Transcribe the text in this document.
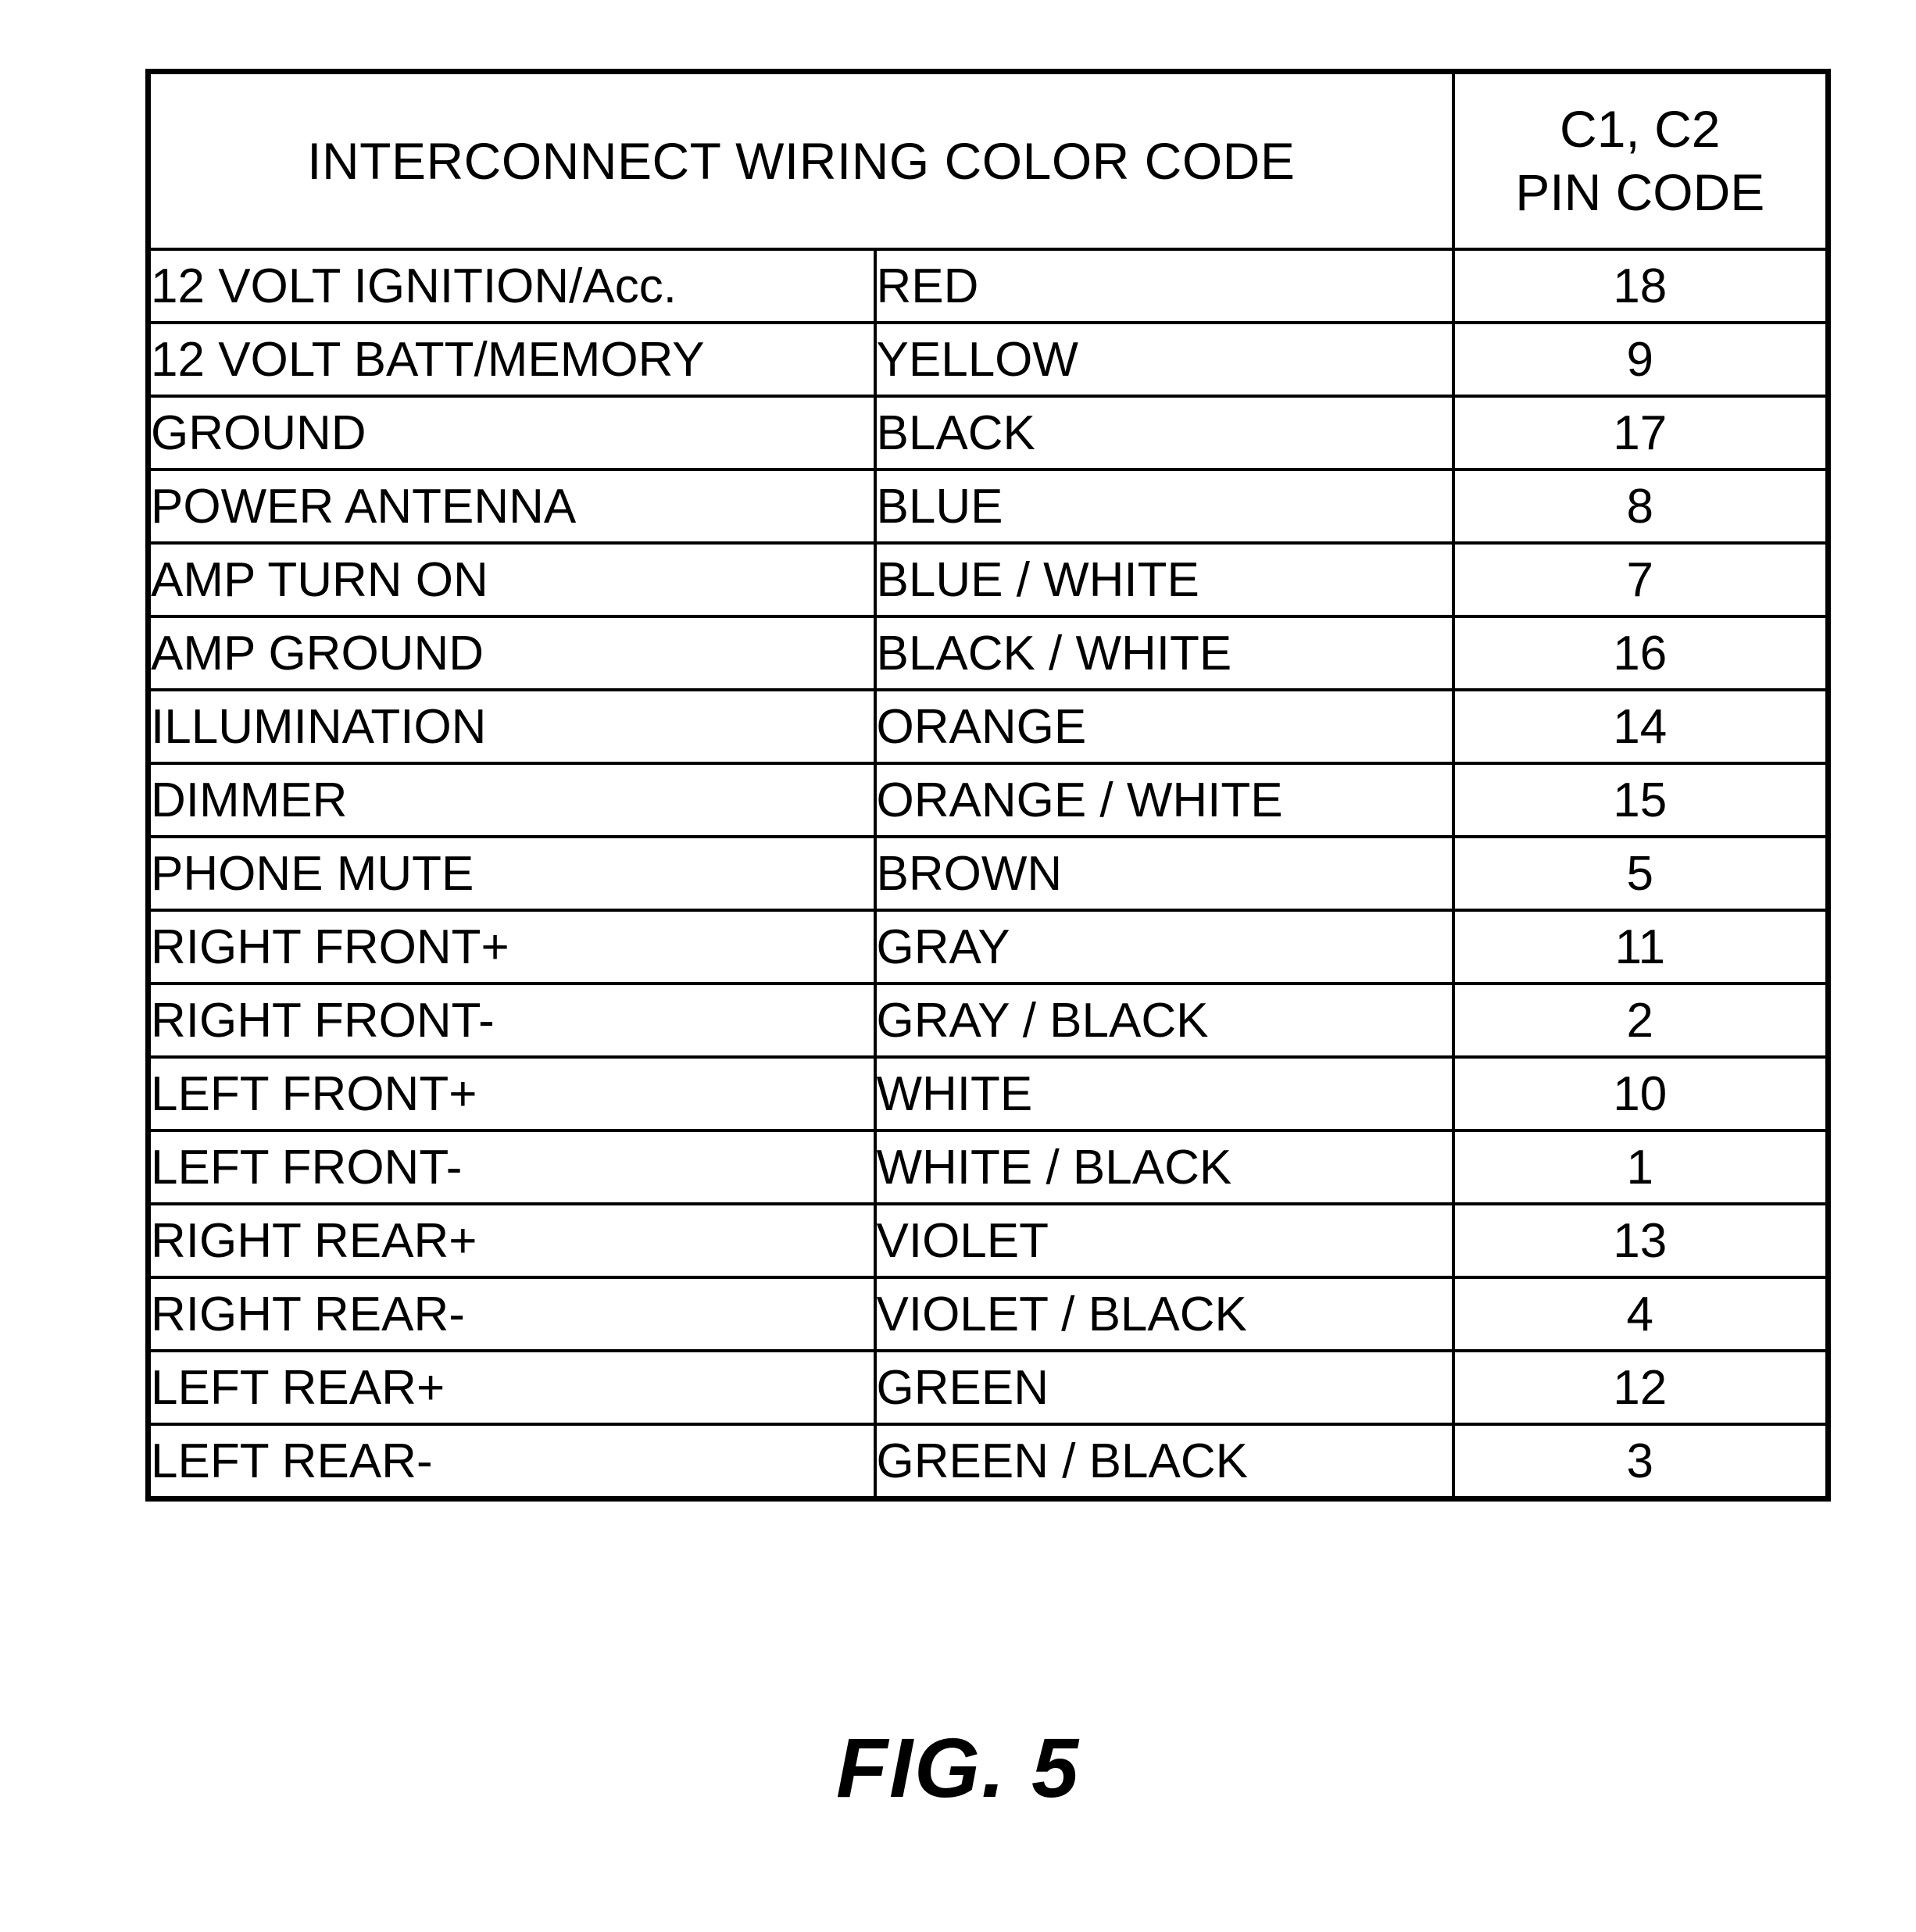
INTERCONNECT WIRING COLOR CODE		C1, C2
PIN CODE

12 VOLT IGNITION/Acc.	RED	18
12 VOLT BATT/MEMORY	YELLOW	9
GROUND	BLACK	17
POWER ANTENNA	BLUE	8
AMP TURN ON	BLUE / WHITE	7
AMP GROUND	BLACK / WHITE	16
ILLUMINATION	ORANGE	14
DIMMER	ORANGE / WHITE	15
PHONE MUTE	BROWN	5
RIGHT FRONT+	GRAY	11
RIGHT FRONT-	GRAY / BLACK	2
LEFT FRONT+	WHITE	10
LEFT FRONT-	WHITE / BLACK	1
RIGHT REAR+	VIOLET	13
RIGHT REAR-	VIOLET / BLACK	4
LEFT REAR+	GREEN	12
LEFT REAR-	GREEN / BLACK	3
FIG. 5
